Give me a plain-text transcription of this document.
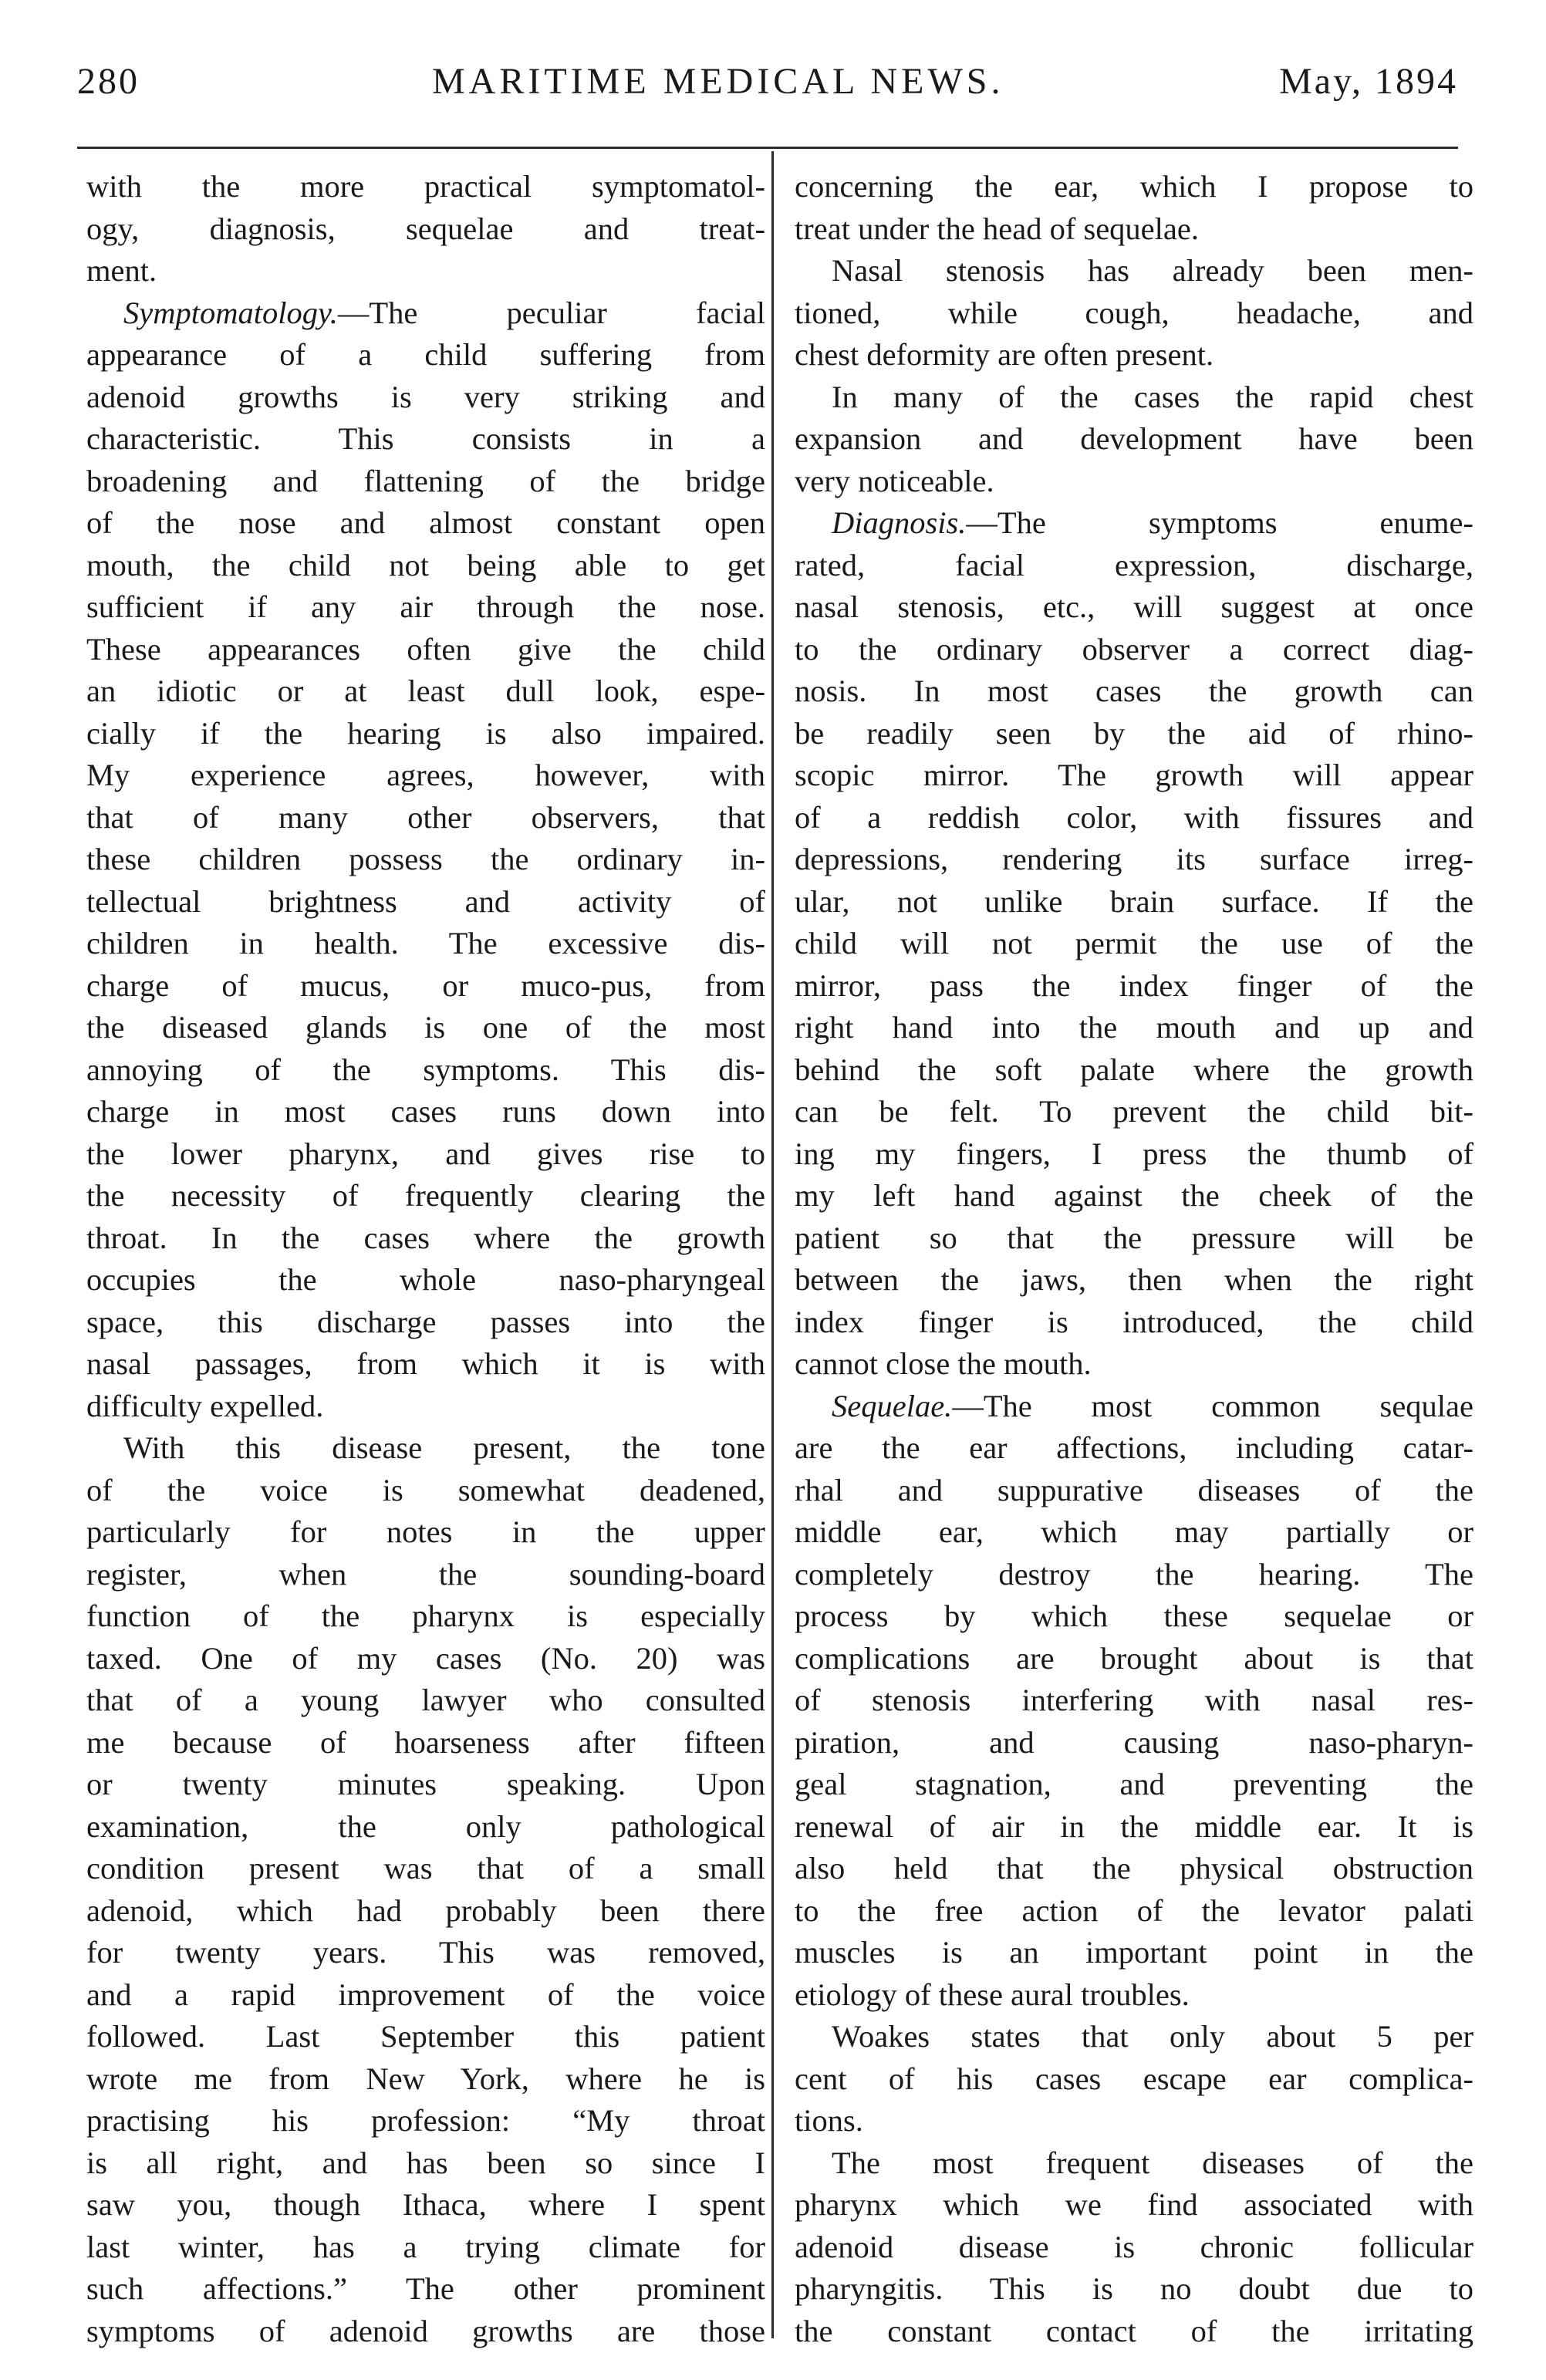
280	MARITIME MEDICAL NEWS.	May, 1894
with the more practical symptomatol-
ogy, diagnosis, sequelae and treat-
ment.
Symptomatology.—The peculiar facial
appearance of a child suffering from
adenoid growths is very striking and
characteristic. This consists in a
broadening and flattening of the bridge
of the nose and almost constant open
mouth, the child not being able to get
sufficient if any air through the nose.
These appearances often give the child
an idiotic or at least dull look, espe-
cially if the hearing is also impaired.
My experience agrees, however, with
that of many other observers, that
these children possess the ordinary in-
tellectual brightness and activity of
children in health. The excessive dis-
charge of mucus, or muco-pus, from
the diseased glands is one of the most
annoying of the symptoms. This dis-
charge in most cases runs down into
the lower pharynx, and gives rise to
the necessity of frequently clearing the
throat. In the cases where the growth
occupies the whole naso-pharyngeal
space, this discharge passes into the
nasal passages, from which it is with
difficulty expelled.
With this disease present, the tone
of the voice is somewhat deadened,
particularly for notes in the upper
register, when the sounding-board
function of the pharynx is especially
taxed. One of my cases (No. 20) was
that of a young lawyer who consulted
me because of hoarseness after fifteen
or twenty minutes speaking. Upon
examination, the only pathological
condition present was that of a small
adenoid, which had probably been there
for twenty years. This was removed,
and a rapid improvement of the voice
followed. Last September this patient
wrote me from New York, where he is
practising his profession: “My throat
is all right, and has been so since I
saw you, though Ithaca, where I spent
last winter, has a trying climate for
such affections.” The other prominent
symptoms of adenoid growths are those
concerning the ear, which I propose to
treat under the head of sequelae.
Nasal stenosis has already been men-
tioned, while cough, headache, and
chest deformity are often present.
In many of the cases the rapid chest
expansion and development have been
very noticeable.
Diagnosis.—The symptoms enume-
rated, facial expression, discharge,
nasal stenosis, etc., will suggest at once
to the ordinary observer a correct diag-
nosis. In most cases the growth can
be readily seen by the aid of rhino-
scopic mirror. The growth will appear
of a reddish color, with fissures and
depressions, rendering its surface irreg-
ular, not unlike brain surface. If the
child will not permit the use of the
mirror, pass the index finger of the
right hand into the mouth and up and
behind the soft palate where the growth
can be felt. To prevent the child bit-
ing my fingers, I press the thumb of
my left hand against the cheek of the
patient so that the pressure will be
between the jaws, then when the right
index finger is introduced, the child
cannot close the mouth.
Sequelae.—The most common sequlae
are the ear affections, including catar-
rhal and suppurative diseases of the
middle ear, which may partially or
completely destroy the hearing. The
process by which these sequelae or
complications are brought about is that
of stenosis interfering with nasal res-
piration, and causing naso-pharyn-
geal stagnation, and preventing the
renewal of air in the middle ear. It is
also held that the physical obstruction
to the free action of the levator palati
muscles is an important point in the
etiology of these aural troubles.
Woakes states that only about 5 per
cent of his cases escape ear complica-
tions.
The most frequent diseases of the
pharynx which we find associated with
adenoid disease is chronic follicular
pharyngitis. This is no doubt due to
the constant contact of the irritating
